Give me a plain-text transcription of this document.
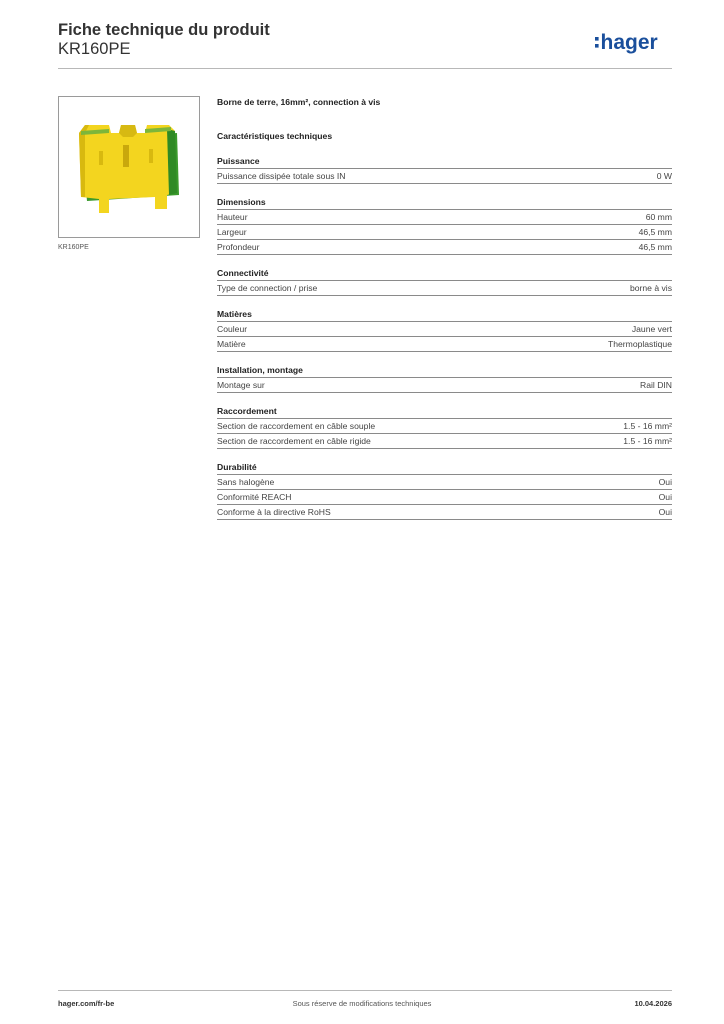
Fiche technique du produit
KR160PE	hager
KR160PE
Borne de terre, 16mm², connection à vis
Caractéristiques techniques
Puissance
Puissance dissipée totale sous IN	0 W
Dimensions
Hauteur	60 mm
Largeur	46,5 mm
Profondeur	46,5 mm
Connectivité
Type de connection / prise	borne à vis
Matières
Couleur	Jaune vert
Matière	Thermoplastique
Installation, montage
Montage sur	Rail DIN
Raccordement
Section de raccordement en câble souple	1.5 - 16 mm²
Section de raccordement en câble rigide	1.5 - 16 mm²
Durabilité
Sans halogène	Oui
Conformité REACH	Oui
Conforme à la directive RoHS	Oui
hager.com/fr-be	Sous réserve de modifications techniques	10.04.2026
